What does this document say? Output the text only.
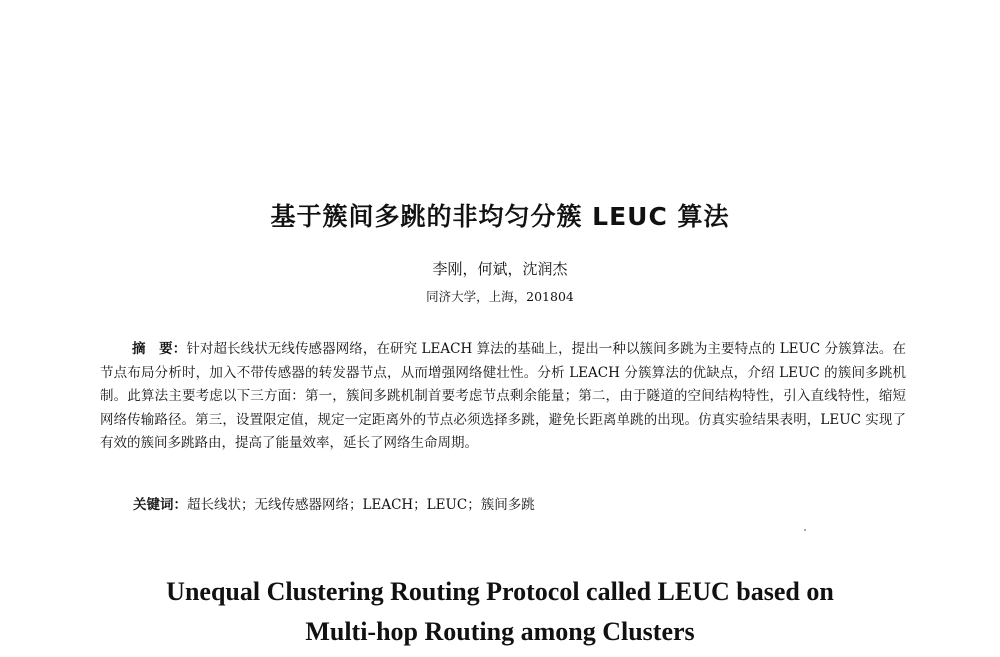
基于簇间多跳的非均匀分簇 LEUC 算法
李刚，何斌，沈润杰
同济大学，上海，201804
摘　要：针对超长线状无线传感器网络，在研究 LEACH 算法的基础上，提出一种以簇间多跳为主要特点的 LEUC 分簇算法。在节点布局分析时，加入不带传感器的转发器节点，从而增强网络健壮性。分析 LEACH 分簇算法的优缺点，介绍 LEUC 的簇间多跳机制。此算法主要考虑以下三方面：第一，簇间多跳机制首要考虑节点剩余能量；第二，由于隧道的空间结构特性，引入直线特性，缩短网络传输路径。第三，设置限定值，规定一定距离外的节点必须选择多跳，避免长距离单跳的出现。仿真实验结果表明，LEUC 实现了有效的簇间多跳路由，提高了能量效率，延长了网络生命周期。
关键词：超长线状；无线传感器网络；LEACH；LEUC；簇间多跳
Unequal Clustering Routing Protocol called LEUC based on
Multi-hop Routing among Clusters
